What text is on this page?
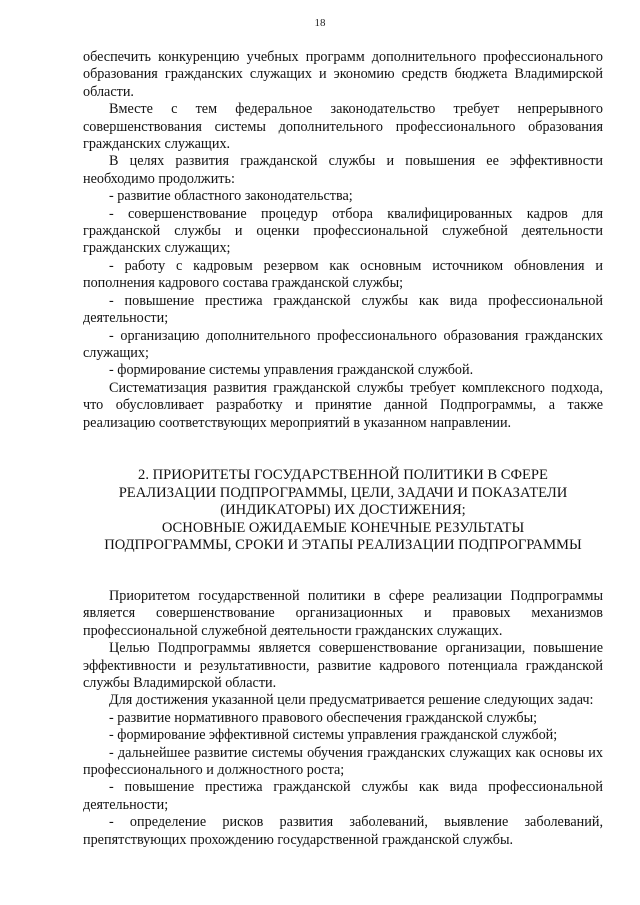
18

обеспечить конкуренцию учебных программ дополнительного профессионального образования гражданских служащих и экономию средств бюджета Владимирской области.

Вместе с тем федеральное законодательство требует непрерывного совершенствования системы дополнительного профессионального образования гражданских служащих.

В целях развития гражданской службы и повышения ее эффективности необходимо продолжить:

- развитие областного законодательства;

- совершенствование процедур отбора квалифицированных кадров для гражданской службы и оценки профессиональной служебной деятельности гражданских служащих;

- работу с кадровым резервом как основным источником обновления и пополнения кадрового состава гражданской службы;

- повышение престижа гражданской службы как вида профессиональной деятельности;

- организацию дополнительного профессионального образования гражданских служащих;

- формирование системы управления гражданской службой.

Систематизация развития гражданской службы требует комплексного подхода, что обусловливает разработку и принятие данной Подпрограммы, а также реализацию соответствующих мероприятий в указанном направлении.

2. ПРИОРИТЕТЫ ГОСУДАРСТВЕННОЙ ПОЛИТИКИ В СФЕРЕ
РЕАЛИЗАЦИИ ПОДПРОГРАММЫ, ЦЕЛИ, ЗАДАЧИ И ПОКАЗАТЕЛИ
(ИНДИКАТОРЫ) ИХ ДОСТИЖЕНИЯ;
ОСНОВНЫЕ ОЖИДАЕМЫЕ КОНЕЧНЫЕ РЕЗУЛЬТАТЫ
ПОДПРОГРАММЫ, СРОКИ И ЭТАПЫ РЕАЛИЗАЦИИ ПОДПРОГРАММЫ

Приоритетом государственной политики в сфере реализации Подпрограммы является совершенствование организационных и правовых механизмов профессиональной служебной деятельности гражданских служащих.

Целью Подпрограммы является совершенствование организации, повышение эффективности и результативности, развитие кадрового потенциала гражданской службы Владимирской области.

Для достижения указанной цели предусматривается решение следующих задач:

- развитие нормативного правового обеспечения гражданской службы;

- формирование эффективной системы управления гражданской службой;

- дальнейшее развитие системы обучения гражданских служащих как основы их профессионального и должностного роста;

- повышение престижа гражданской службы как вида профессиональной деятельности;

- определение рисков развития заболеваний, выявление заболеваний, препятствующих прохождению государственной гражданской службы.
